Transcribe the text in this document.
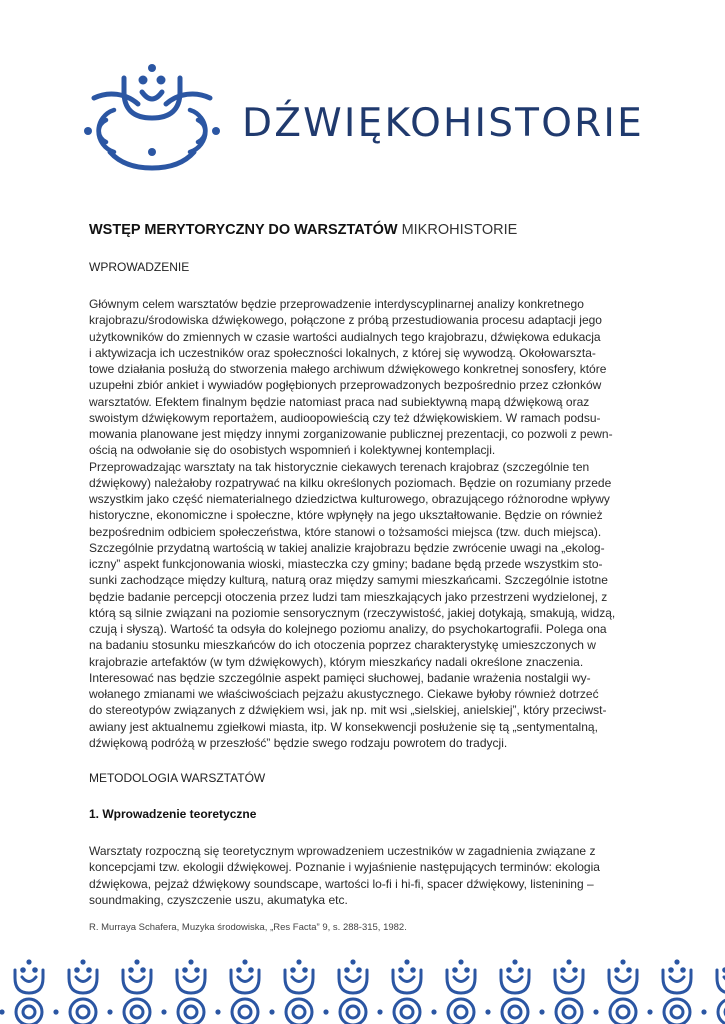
DŹWIĘKOHISTORIE
WSTĘP MERYTORYCZNY DO WARSZTATÓW MIKROHISTORIE

WPROWADZENIE

Głównym celem warsztatów będzie przeprowadzenie interdyscyplinarnej analizy konkretnego
krajobrazu/środowiska dźwiękowego, połączone z próbą przestudiowania procesu adaptacji jego
użytkowników do zmiennych w czasie wartości audialnych tego krajobrazu, dźwiękowa edukacja
i aktywizacja ich uczestników oraz społeczności lokalnych, z której się wywodzą. Okołowarszta-
towe działania posłużą do stworzenia małego archiwum dźwiękowego konkretnej sonosfery, które
uzupełni zbiór ankiet i wywiadów pogłębionych przeprowadzonych bezpośrednio przez członków
warsztatów. Efektem finalnym będzie natomiast praca nad subiektywną mapą dźwiękową oraz
swoistym dźwiękowym reportażem, audioopowieścią czy też dźwiękowiskiem. W ramach podsu-
mowania planowane jest między innymi zorganizowanie publicznej prezentacji, co pozwoli z pewn-
ością na odwołanie się do osobistych wspomnień i kolektywnej kontemplacji.
Przeprowadzając warsztaty na tak historycznie ciekawych terenach krajobraz (szczególnie ten
dźwiękowy) należałoby rozpatrywać na kilku określonych poziomach. Będzie on rozumiany przede
wszystkim jako część niematerialnego dziedzictwa kulturowego, obrazującego różnorodne wpływy
historyczne, ekonomiczne i społeczne, które wpłynęły na jego ukształtowanie. Będzie on również
bezpośrednim odbiciem społeczeństwa, które stanowi o tożsamości miejsca (tzw. duch miejsca).
Szczególnie przydatną wartością w takiej analizie krajobrazu będzie zwrócenie uwagi na „ekolog-
iczny” aspekt funkcjonowania wioski, miasteczka czy gminy; badane będą przede wszystkim sto-
sunki zachodzące między kulturą, naturą oraz między samymi mieszkańcami. Szczególnie istotne
będzie badanie percepcji otoczenia przez ludzi tam mieszkających jako przestrzeni wydzielonej, z
którą są silnie związani na poziomie sensorycznym (rzeczywistość, jakiej dotykają, smakują, widzą,
czują i słyszą). Wartość ta odsyła do kolejnego poziomu analizy, do psychokartografii. Polega ona
na badaniu stosunku mieszkańców do ich otoczenia poprzez charakterystykę umieszczonych w
krajobrazie artefaktów (w tym dźwiękowych), którym mieszkańcy nadali określone znaczenia.
Interesować nas będzie szczególnie aspekt pamięci słuchowej, badanie wrażenia nostalgii wy-
wołanego zmianami we właściwościach pejzażu akustycznego. Ciekawe byłoby również dotrzeć
do stereotypów związanych z dźwiękiem wsi, jak np. mit wsi „sielskiej, anielskiej”, który przeciwst-
awiany jest aktualnemu zgiełkowi miasta, itp. W konsekwencji posłużenie się tą „sentymentalną,
dźwiękową podróżą w przeszłość” będzie swego rodzaju powrotem do tradycji.

METODOLOGIA WARSZTATÓW

1. Wprowadzenie teoretyczne

Warsztaty rozpoczną się teoretycznym wprowadzeniem uczestników w zagadnienia związane z
koncepcjami tzw. ekologii dźwiękowej. Poznanie i wyjaśnienie następujących terminów: ekologia
dźwiękowa, pejzaż dźwiękowy soundscape, wartości lo-fi i hi-fi, spacer dźwiękowy, listenining –
soundmaking, czyszczenie uszu, akumatyka etc.

R. Murraya Schafera, Muzyka środowiska, „Res Facta” 9, s. 288-315, 1982.
